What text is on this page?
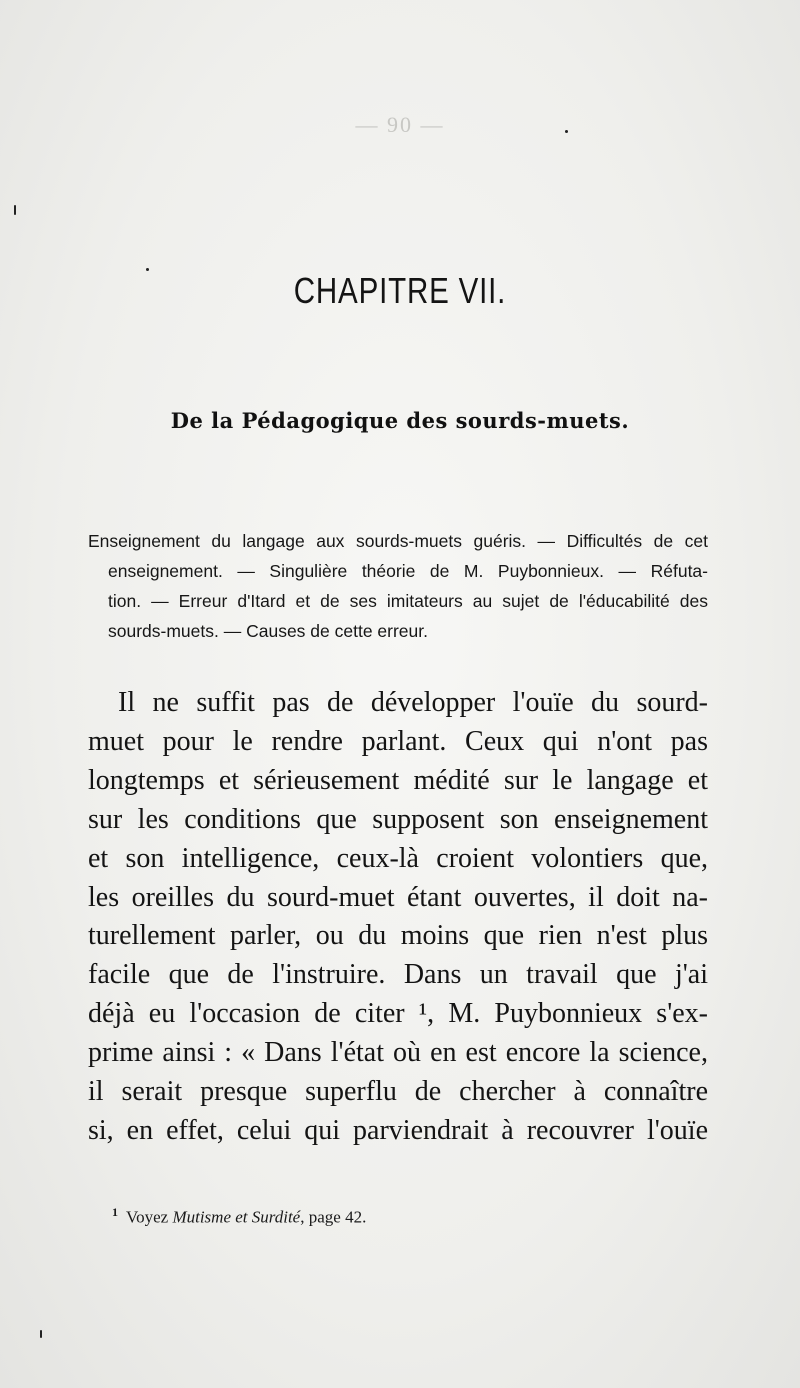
— 90 —
CHAPITRE VII.
De la Pédagogique des sourds-muets.
Enseignement du langage aux sourds-muets guéris. — Difficultés de cet
enseignement. — Singulière théorie de M. Puybonnieux. — Réfuta-
tion. — Erreur d'Itard et de ses imitateurs au sujet de l'éducabilité des
sourds-muets. — Causes de cette erreur.
Il ne suffit pas de développer l'ouïe du sourd-
muet pour le rendre parlant. Ceux qui n'ont pas
longtemps et sérieusement médité sur le langage et
sur les conditions que supposent son enseignement
et son intelligence, ceux-là croient volontiers que,
les oreilles du sourd-muet étant ouvertes, il doit na-
turellement parler, ou du moins que rien n'est plus
facile que de l'instruire. Dans un travail que j'ai
déjà eu l'occasion de citer ¹, M. Puybonnieux s'ex-
prime ainsi : « Dans l'état où en est encore la science,
il serait presque superflu de chercher à connaître
si, en effet, celui qui parviendrait à recouvrer l'ouïe
$^1$ Voyez Mutisme et Surdité, page 42.
